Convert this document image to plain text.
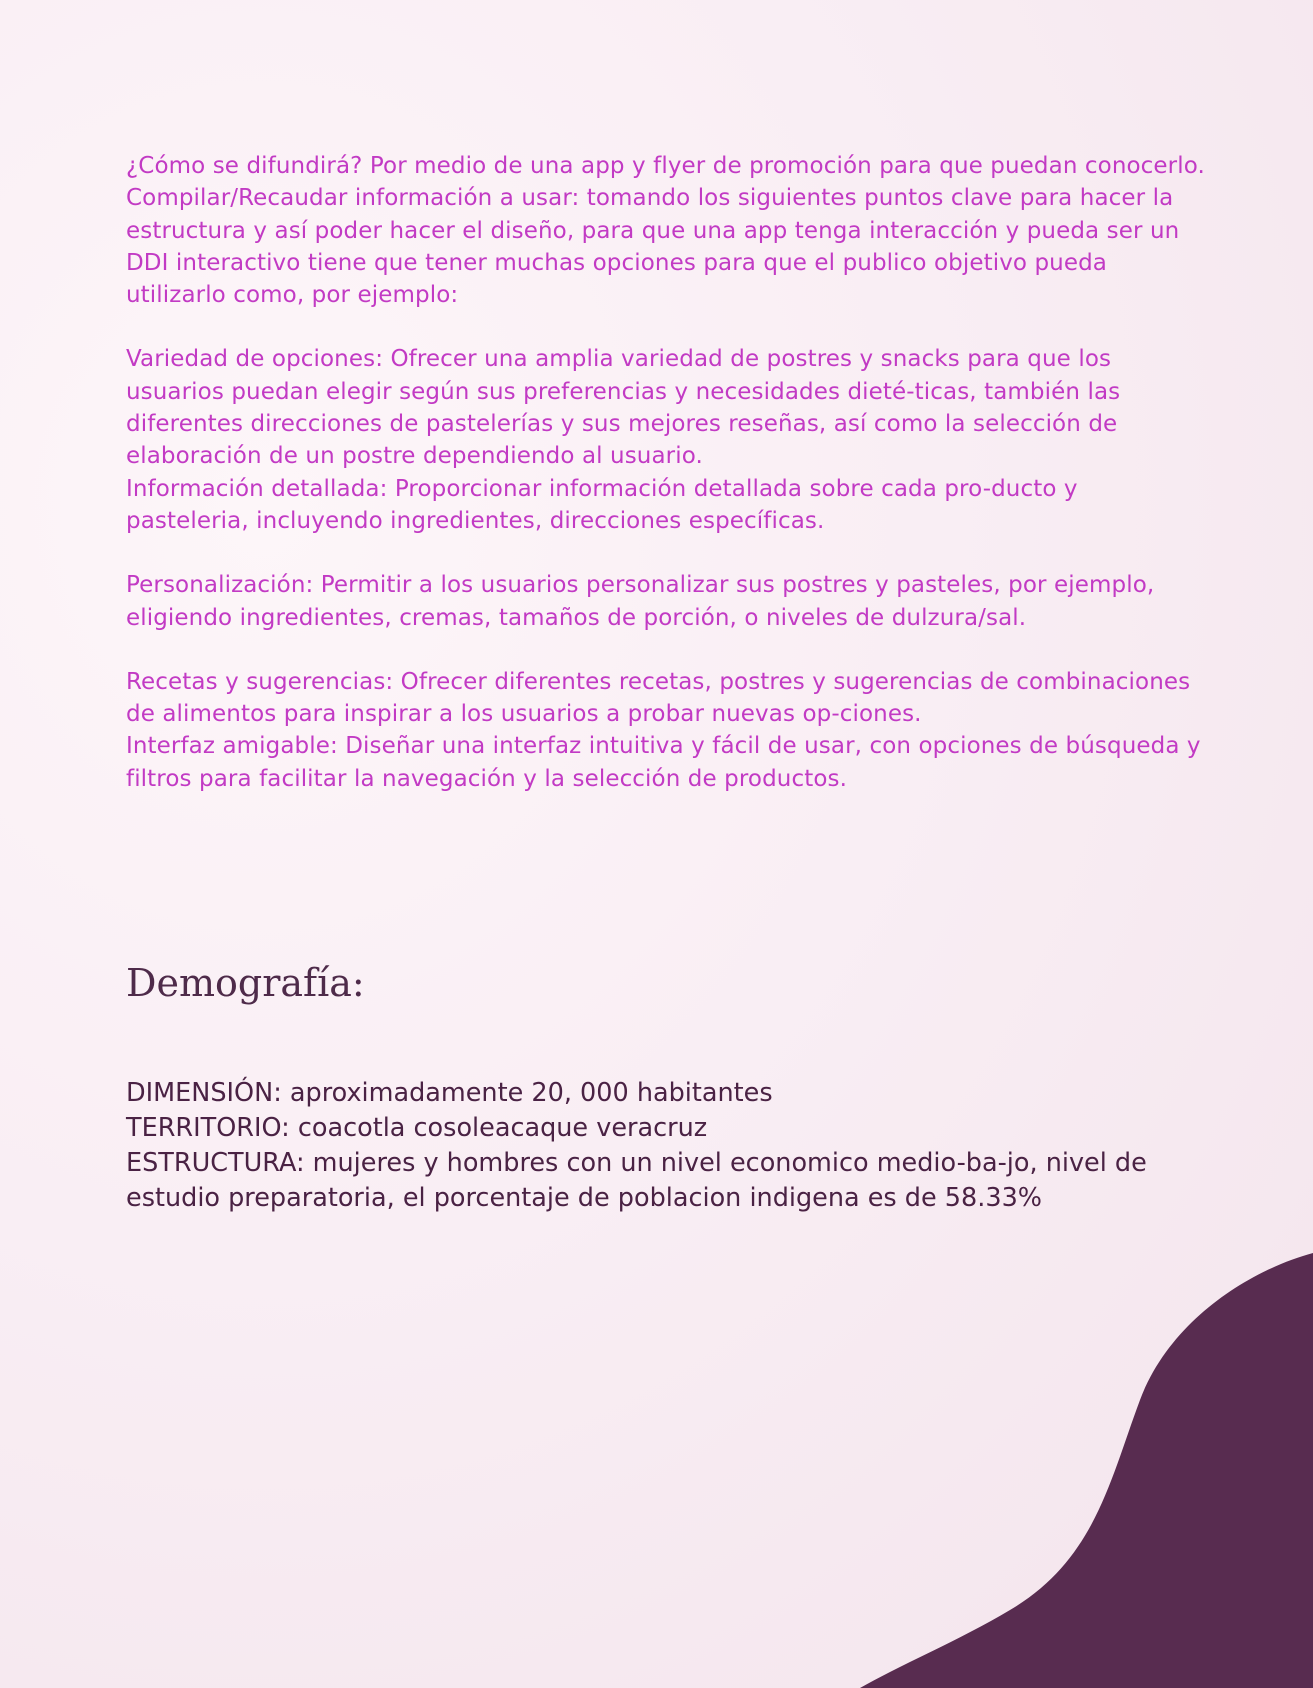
¿Cómo se difundirá? Por medio de una app y flyer de promoción para que puedan conocerlo.

Compilar/Recaudar información a usar: tomando los siguientes puntos clave para hacer la estructura y así poder hacer el diseño, para que una app tenga interacción y pueda ser un DDI interactivo tiene que tener muchas opciones para que el publico objetivo pueda utilizarlo como, por ejemplo:

Variedad de opciones: Ofrecer una amplia variedad de postres y snacks para que los usuarios puedan elegir según sus preferencias y necesidades dieté-ticas, también las diferentes direcciones de pastelerías y sus mejores reseñas, así como la selección de elaboración de un postre dependiendo al usuario.

Información detallada: Proporcionar información detallada sobre cada pro-ducto y pasteleria, incluyendo ingredientes, direcciones específicas.

Personalización: Permitir a los usuarios personalizar sus postres y pasteles, por ejemplo, eligiendo ingredientes, cremas, tamaños de porción, o niveles de dulzura/sal.

Recetas y sugerencias: Ofrecer diferentes recetas, postres y sugerencias de combinaciones de alimentos para inspirar a los usuarios a probar nuevas op-ciones.

Interfaz amigable: Diseñar una interfaz intuitiva y fácil de usar, con opciones de búsqueda y filtros para facilitar la navegación y la selección de productos.

Demografía:

DIMENSIÓN: aproximadamente 20, 000 habitantes

TERRITORIO: coacotla cosoleacaque veracruz

ESTRUCTURA: mujeres y hombres con un nivel economico medio-ba-jo, nivel de estudio preparatoria, el porcentaje de poblacion indigena es de 58.33%
